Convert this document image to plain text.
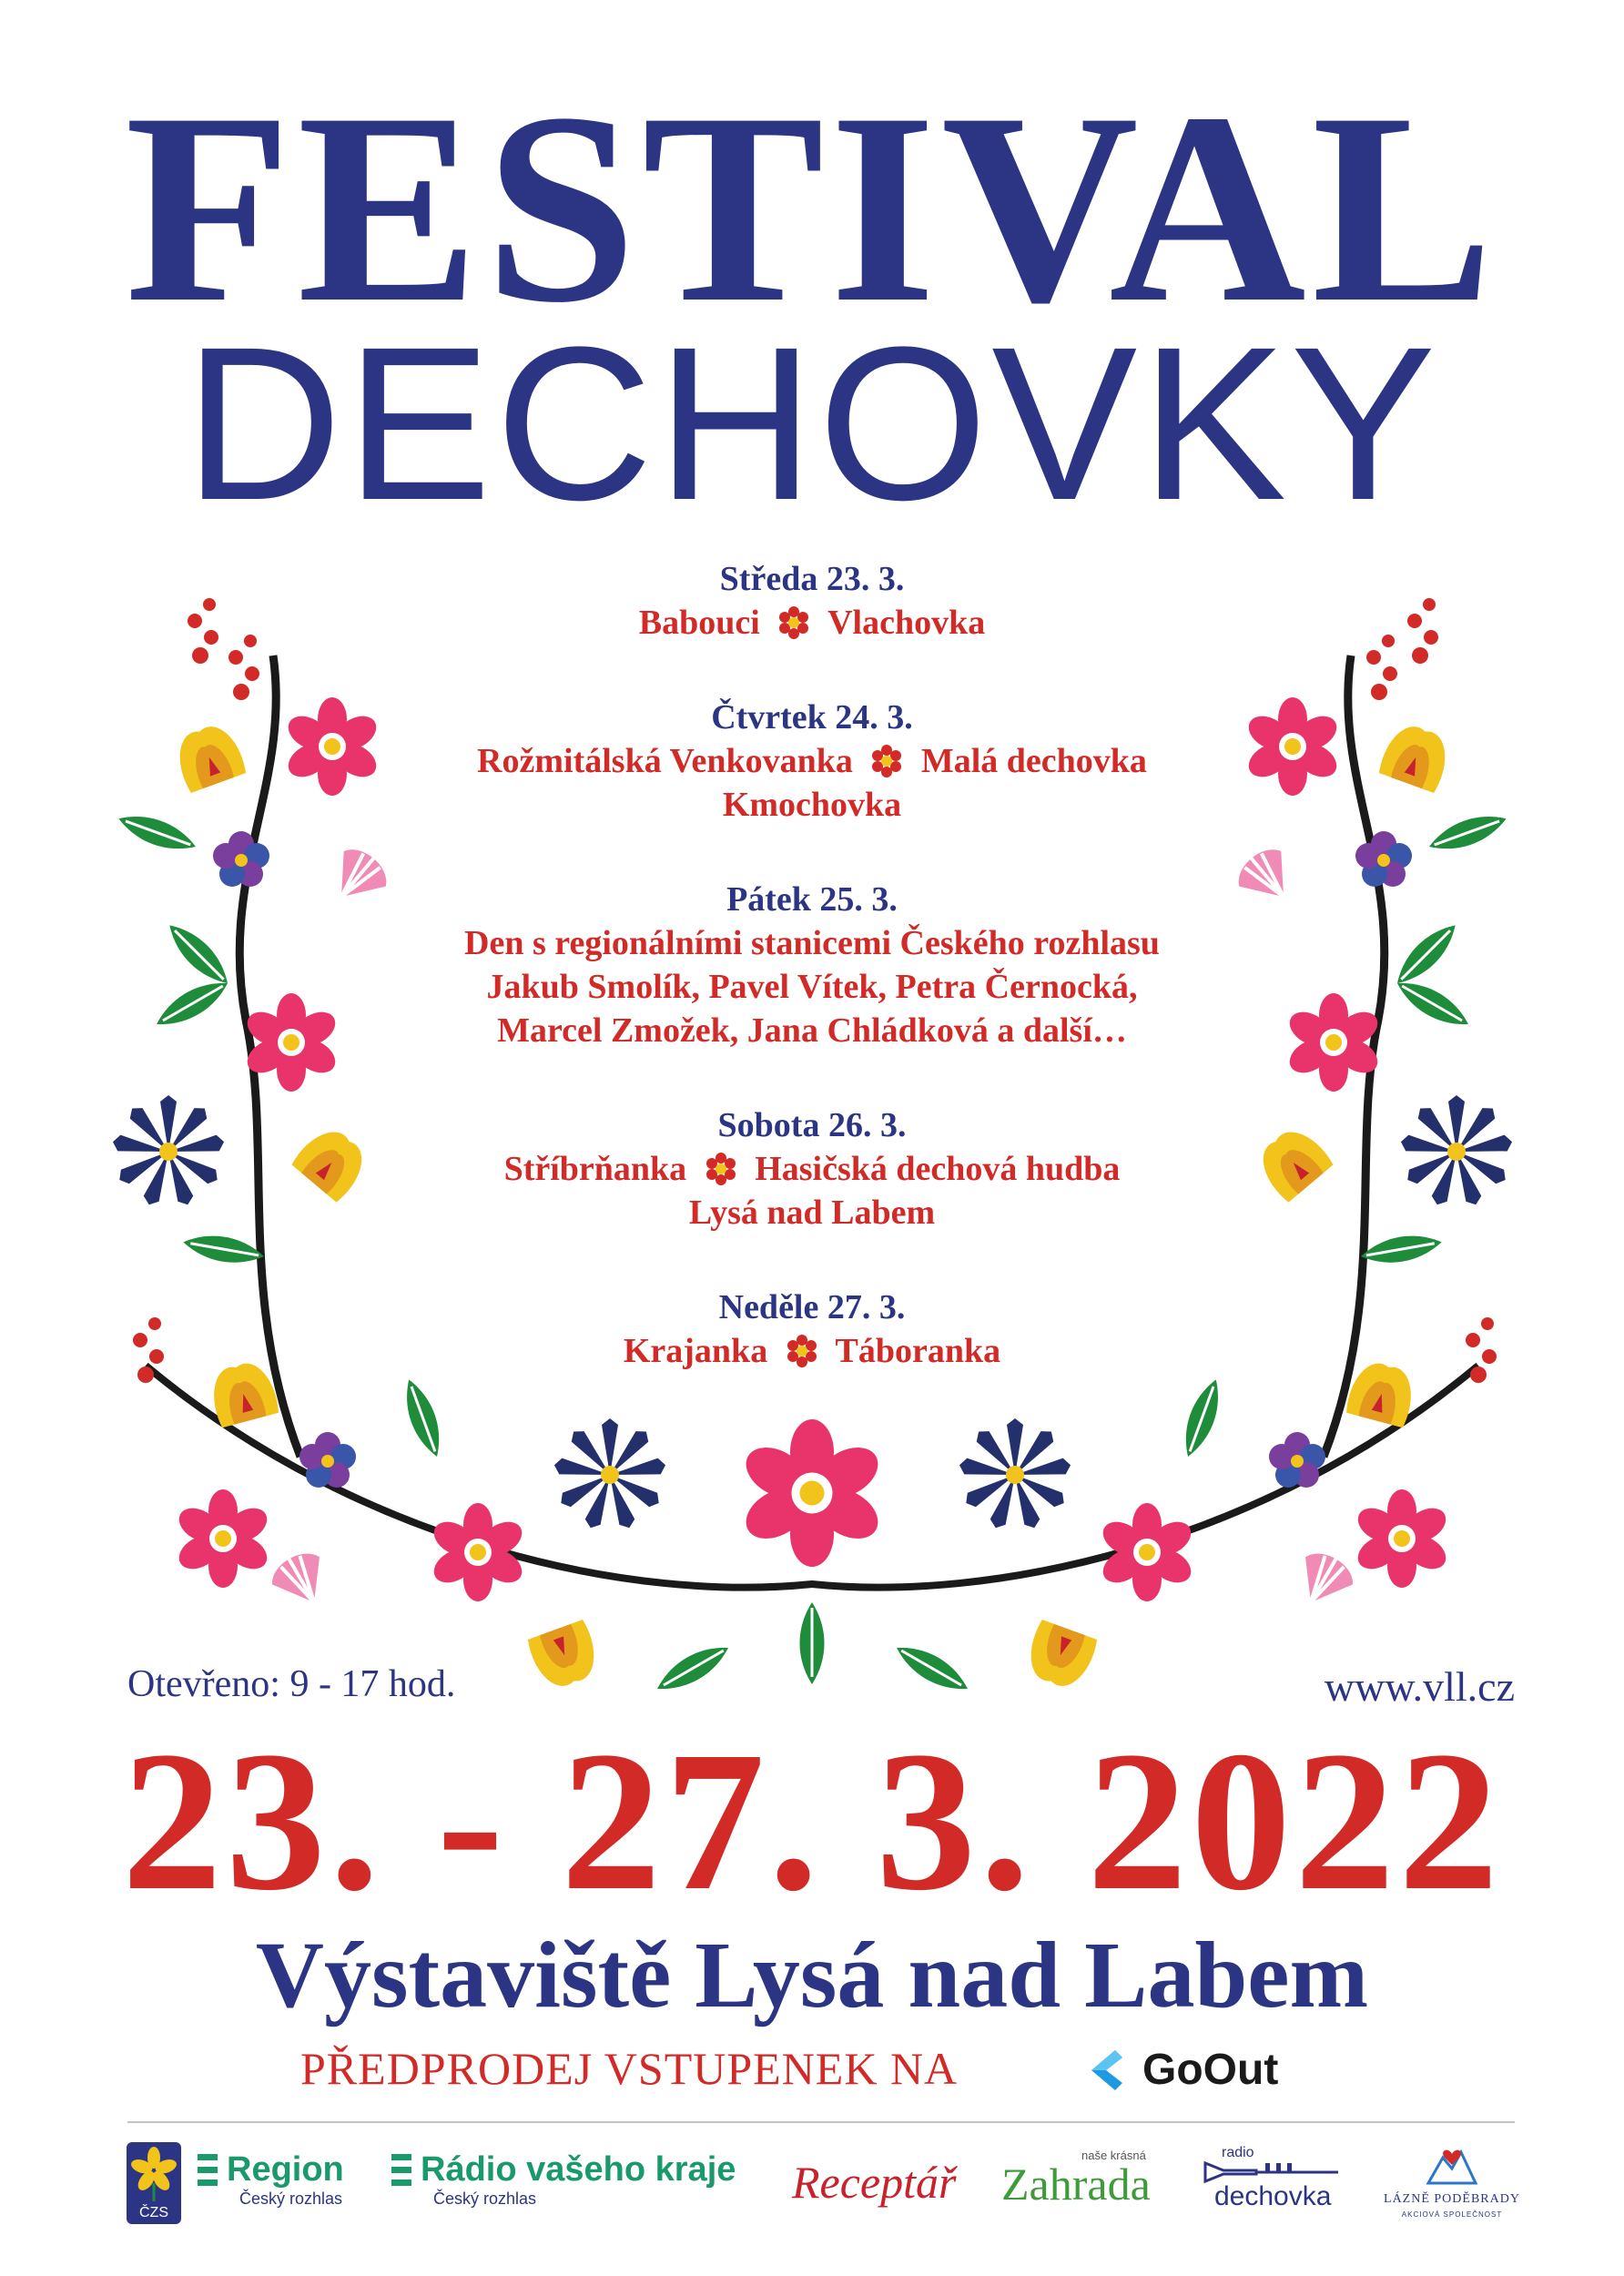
FESTIVAL
DECHOVKY
Středa 23. 3.
Babouci Vlachovka
Čtvrtek 24. 3.
Rožmitálská Venkovanka Malá dechovka
Kmochovka
Pátek 25. 3.
Den s regionálními stanicemi Českého rozhlasu
Jakub Smolík, Pavel Vítek, Petra Černocká,
Marcel Zmožek, Jana Chládková a další…
Sobota 26. 3.
Stříbrňanka Hasičská dechová hudba
Lysá nad Labem
Neděle 27. 3.
Krajanka Táboranka
Otevřeno: 9 - 17 hod.	www.vll.cz
23. - 27. 3. 2022
Výstaviště Lysá nad Labem
PŘEDPRODEJ VSTUPENEK NA	GoOut
ČZS
Region
Český rozhlas
Rádio vašeho kraje
Český rozhlas	Receptář
naše krásná
Zahrada
radio
dechovka	LÁZNĚ PODĚBRADY
AKCIOVÁ SPOLEČNOST
